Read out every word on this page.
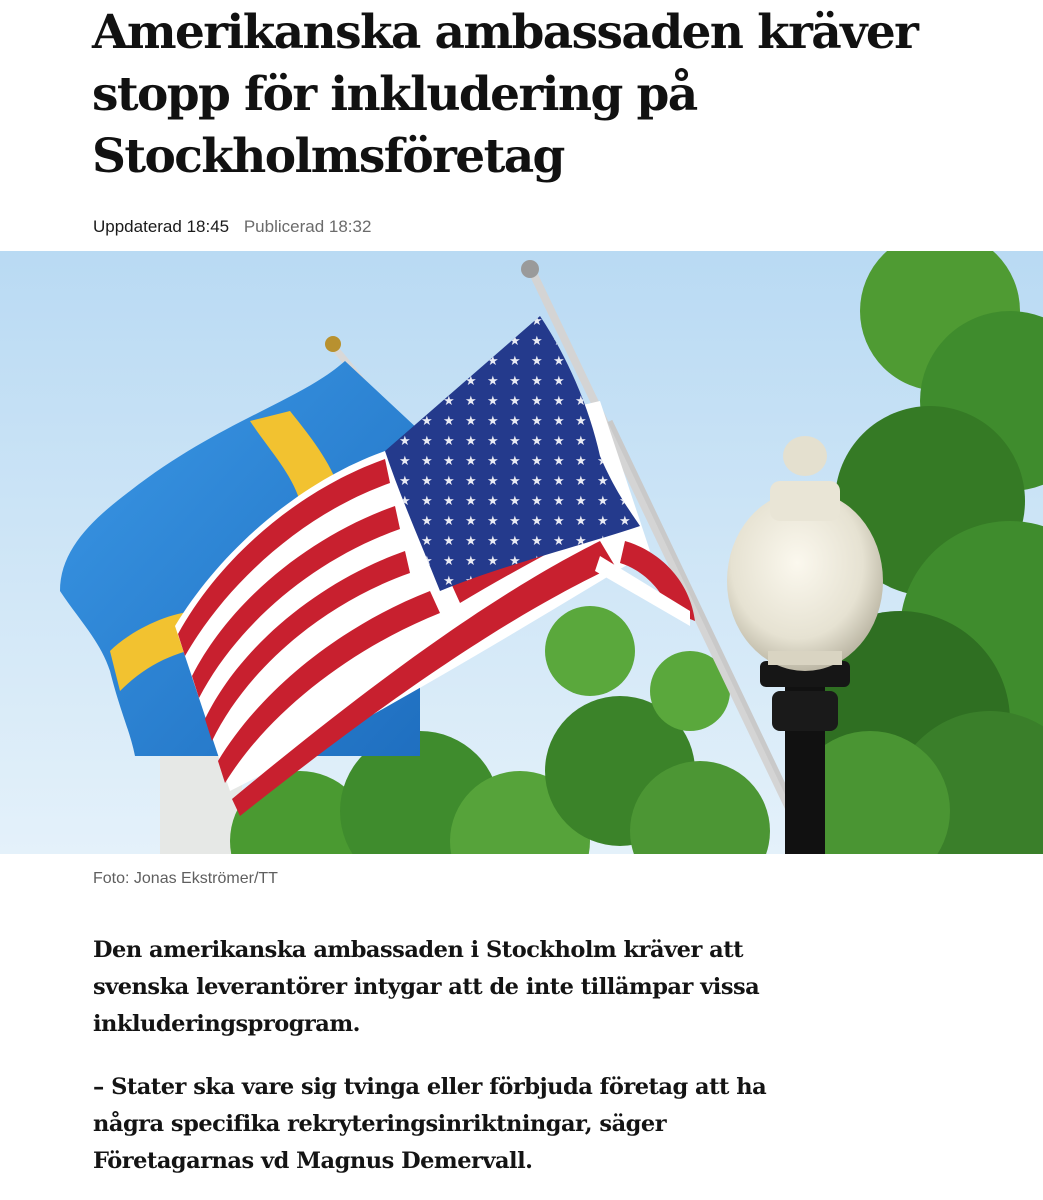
Amerikanska ambassaden kräver stopp för inkludering på Stockholmsföretag
Uppdaterad 18:45 Publicerad 18:32
Foto: Jonas Ekströmer/TT

Den amerikanska ambassaden i Stockholm kräver att svenska leverantörer intygar att de inte tillämpar vissa inkluderingsprogram.

– Stater ska vare sig tvinga eller förbjuda företag att ha några specifika rekryteringsinriktningar, säger Företagarnas vd Magnus Demervall.
